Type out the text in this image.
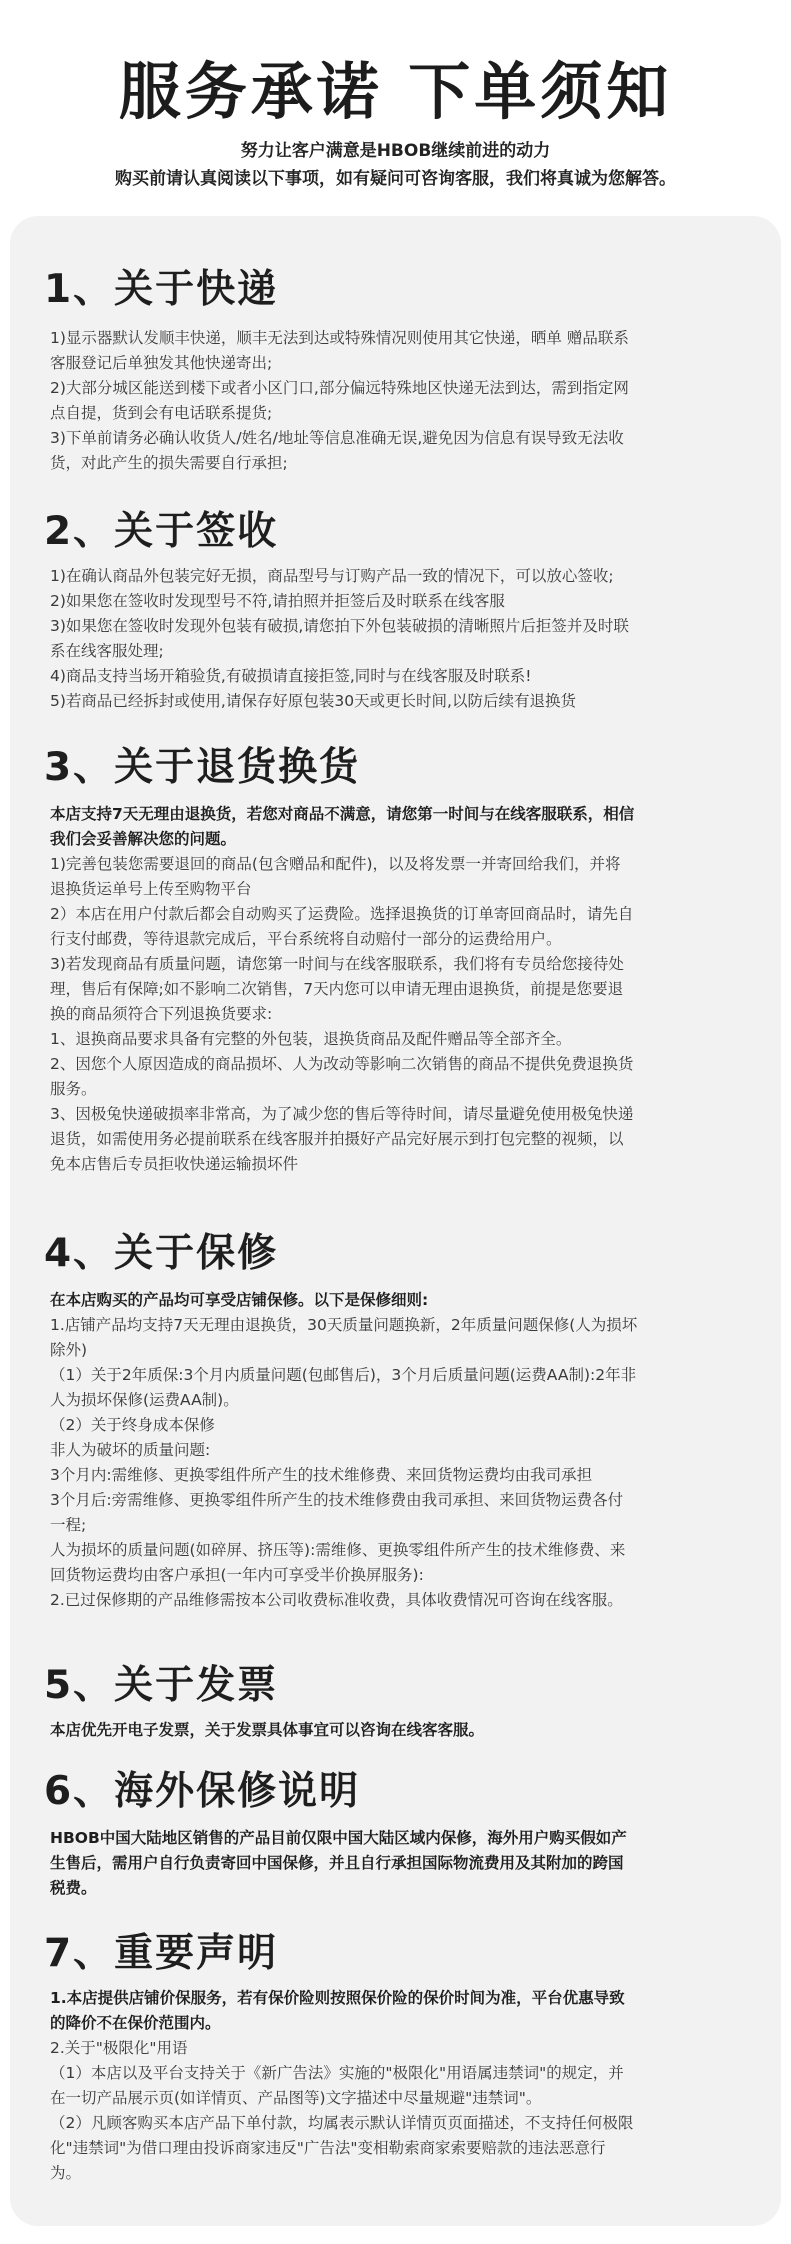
服务承诺 下单须知

努力让客户满意是HBOB继续前进的动力

购买前请认真阅读以下事项，如有疑问可咨询客服，我们将真诚为您解答。

1、关于快递

1)显示器默认发顺丰快递，顺丰无法到达或特殊情况则使用其它快递，晒单 赠品联系

客服登记后单独发其他快递寄出;

2)大部分城区能送到楼下或者小区门口,部分偏远特殊地区快递无法到达，需到指定网

点自提，货到会有电话联系提货;

3)下单前请务必确认收货人/姓名/地址等信息准确无误,避免因为信息有误导致无法收

货，对此产生的损失需要自行承担;

2、关于签收

1)在确认商品外包装完好无损，商品型号与订购产品一致的情况下，可以放心签收;

2)如果您在签收时发现型号不符,请拍照并拒签后及时联系在线客服

3)如果您在签收时发现外包装有破损,请您拍下外包装破损的清晰照片后拒签并及时联

系在线客服处理;

4)商品支持当场开箱验货,有破损请直接拒签,同时与在线客服及时联系!

5)若商品已经拆封或使用,请保存好原包装30天或更长时间,以防后续有退换货

3、关于退货换货

本店支持7天无理由退换货，若您对商品不满意，请您第一时间与在线客服联系，相信

我们会妥善解决您的问题。

1)完善包装您需要退回的商品(包含赠品和配件)，以及将发票一并寄回给我们，并将

退换货运单号上传至购物平台

2）本店在用户付款后都会自动购买了运费险。选择退换货的订单寄回商品时，请先自

行支付邮费，等待退款完成后，平台系统将自动赔付一部分的运费给用户。

3)若发现商品有质量问题，请您第一时间与在线客服联系，我们将有专员给您接待处

理，售后有保障;如不影响二次销售，7天内您可以申请无理由退换货，前提是您要退

换的商品须符合下列退换货要求:

1、退换商品要求具备有完整的外包装，退换货商品及配件赠品等全部齐全。

2、因您个人原因造成的商品损坏、人为改动等影响二次销售的商品不提供免费退换货

服务。

3、因极兔快递破损率非常高，为了减少您的售后等待时间，请尽量避免使用极兔快递

退货，如需使用务必提前联系在线客服并拍摄好产品完好展示到打包完整的视频，以

免本店售后专员拒收快递运输损坏件

4、关于保修

在本店购买的产品均可享受店铺保修。以下是保修细则:

1.店铺产品均支持7天无理由退换货，30天质量问题换新，2年质量问题保修(人为损坏

除外)

（1）关于2年质保:3个月内质量问题(包邮售后)，3个月后质量问题(运费AA制):2年非

人为损坏保修(运费AA制)。

（2）关于终身成本保修

非人为破坏的质量问题:

3个月内:需维修、更换零组件所产生的技术维修费、来回货物运费均由我司承担

3个月后:旁需维修、更换零组件所产生的技术维修费由我司承担、来回货物运费各付

一程;

人为损坏的质量问题(如碎屏、挤压等):需维修、更换零组件所产生的技术维修费、来

回货物运费均由客户承担(一年内可享受半价换屏服务):

2.已过保修期的产品维修需按本公司收费标准收费，具体收费情况可咨询在线客服。

5、关于发票

本店优先开电子发票，关于发票具体事宜可以咨询在线客客服。

6、海外保修说明

HBOB中国大陆地区销售的产品目前仅限中国大陆区域内保修，海外用户购买假如产

生售后，需用户自行负责寄回中国保修，并且自行承担国际物流费用及其附加的跨国

税费。

7、重要声明

1.本店提供店铺价保服务，若有保价险则按照保价险的保价时间为准，平台优惠导致

的降价不在保价范围内。

2.关于"极限化"用语

（1）本店以及平台支持关于《新广告法》实施的"极限化"用语属违禁词"的规定，并

在一切产品展示页(如详情页、产品图等)文字描述中尽量规避"违禁词"。

（2）凡顾客购买本店产品下单付款，均属表示默认详情页页面描述，不支持任何极限

化"违禁词"为借口理由投诉商家违反"广告法"变相勒索商家索要赔款的违法恶意行

为。
